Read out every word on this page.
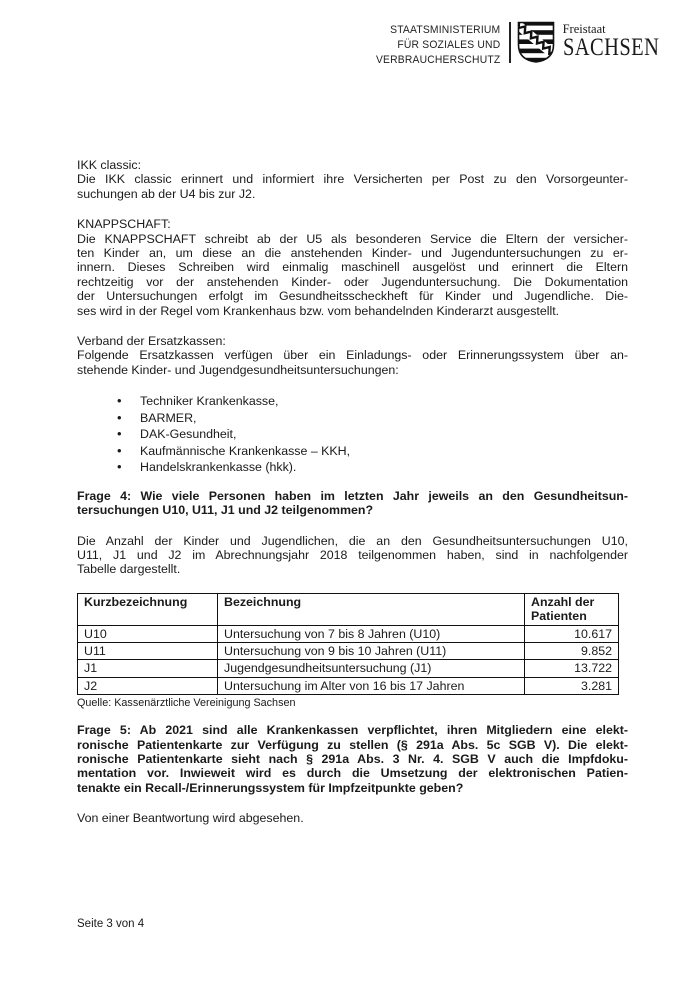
STAATSMINISTERIUM
FÜR SOZIALES UND
VERBRAUCHERSCHUTZ
Freistaat
SACHSEN
IKK classic:
Die IKK classic erinnert und informiert ihre Versicherten per Post zu den Vorsorgeunter-
suchungen ab der U4 bis zur J2.
KNAPPSCHAFT:
Die KNAPPSCHAFT schreibt ab der U5 als besonderen Service die Eltern der versicher-
ten Kinder an, um diese an die anstehenden Kinder- und Jugenduntersuchungen zu er-
innern. Dieses Schreiben wird einmalig maschinell ausgelöst und erinnert die Eltern
rechtzeitig vor der anstehenden Kinder- oder Jugenduntersuchung. Die Dokumentation
der Untersuchungen erfolgt im Gesundheitsscheckheft für Kinder und Jugendliche. Die-
ses wird in der Regel vom Krankenhaus bzw. vom behandelnden Kinderarzt ausgestellt.
Verband der Ersatzkassen:
Folgende Ersatzkassen verfügen über ein Einladungs- oder Erinnerungssystem über an-
stehende Kinder- und Jugendgesundheitsuntersuchungen:
• Techniker Krankenkasse,
• BARMER,
• DAK-Gesundheit,
• Kaufmännische Krankenkasse – KKH,
• Handelskrankenkasse (hkk).
Frage 4: Wie viele Personen haben im letzten Jahr jeweils an den Gesundheitsun-
tersuchungen U10, U11, J1 und J2 teilgenommen?
Die Anzahl der Kinder und Jugendlichen, die an den Gesundheitsuntersuchungen U10,
U11, J1 und J2 im Abrechnungsjahr 2018 teilgenommen haben, sind in nachfolgender
Tabelle dargestellt.
Kurzbezeichnung	Bezeichnung	Anzahl der Patienten
U10	Untersuchung von 7 bis 8 Jahren (U10)	10.617
U11	Untersuchung von 9 bis 10 Jahren (U11)	9.852
J1	Jugendgesundheitsuntersuchung (J1)	13.722
J2	Untersuchung im Alter von 16 bis 17 Jahren	3.281
Quelle: Kassenärztliche Vereinigung Sachsen
Frage 5: Ab 2021 sind alle Krankenkassen verpflichtet, ihren Mitgliedern eine elekt-
ronische Patientenkarte zur Verfügung zu stellen (§ 291a Abs. 5c SGB V). Die elekt-
ronische Patientenkarte sieht nach § 291a Abs. 3 Nr. 4. SGB V auch die Impfdoku-
mentation vor. Inwieweit wird es durch die Umsetzung der elektronischen Patien-
tenakte ein Recall-/Erinnerungssystem für Impfzeitpunkte geben?
Von einer Beantwortung wird abgesehen.
Seite 3 von 4
